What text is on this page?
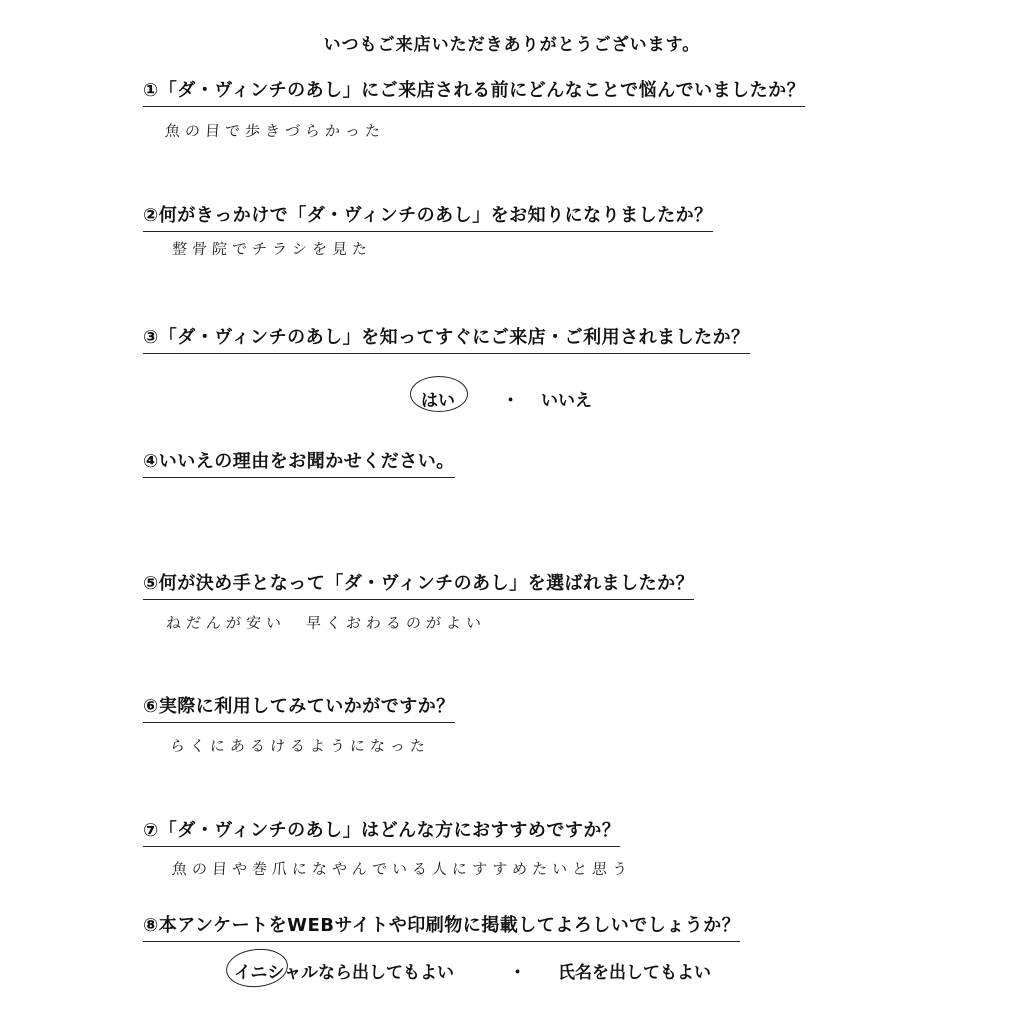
いつもご来店いただきありがとうございます。
①「ダ・ヴィンチのあし」にご来店される前にどんなことで悩んでいましたか？
魚の目で歩きづらかった
②何がきっかけで「ダ・ヴィンチのあし」をお知りになりましたか？
整骨院でチラシを見た
③「ダ・ヴィンチのあし」を知ってすぐにご来店・ご利用されましたか？
はい	・ いいえ
④いいえの理由をお聞かせください。
⑤何が決め手となって「ダ・ヴィンチのあし」を選ばれましたか？
ねだんが安い　早くおわるのがよい
⑥実際に利用してみていかがですか？
らくにあるけるようになった
⑦「ダ・ヴィンチのあし」はどんな方におすすめですか？
魚の目や巻爪になやんでいる人にすすめたいと思う
⑧本アンケートをWEBサイトや印刷物に掲載してよろしいでしょうか？
イニシャルなら出してもよい	・ 氏名を出してもよい
